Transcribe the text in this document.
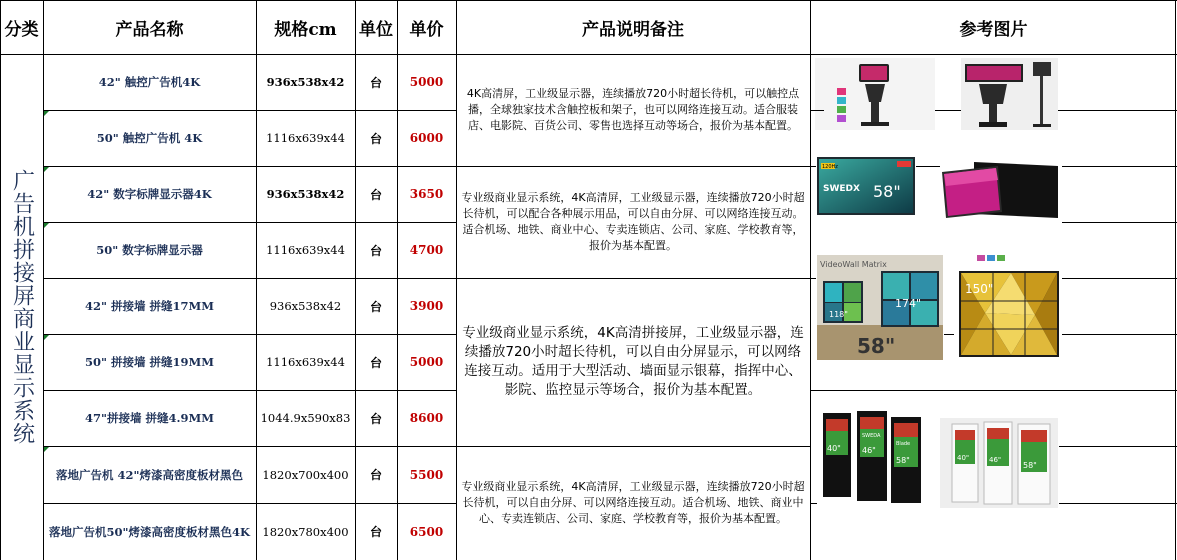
分类	产品名称	规格cm	单位 单价	产品说明备注	参考图片
广告机拼接屏商业显示系统
42" 触控广告机4K	936x538x42	台	5000
50" 触控广告机 4K	1116x639x44	台	6000
42" 数字标牌显示器4K	936x538x42	台	3650
50" 数字标牌显示器	1116x639x44	台	4700
42" 拼接墙 拼缝17MM	936x538x42	台	3900
50" 拼接墙 拼缝19MM	1116x639x44	台	5000
47"拼接墙 拼缝4.9MM	1044.9x590x83	台	8600
落地广告机 42"烤漆高密度板材黑色	1820x700x400	台	5500
落地广告机50"烤漆高密度板材黑色4K	1820x780x400	台	6500
4K高清屏，工业级显示器，连续播放720小时超长待机，可以触控点播，全球独家技术含触控板和架子，也可以网络连接互动。适合服装店、电影院、百货公司、零售也选择互动等场合，报价为基本配置。
专业级商业显示系统，4K高清屏，工业级显示器，连续播放720小时超长待机，可以配合各种展示用品，可以自由分屏、可以网络连接互动。适合机场、地铁、商业中心、专卖连锁店、公司、家庭、学校教育等，报价为基本配置。
专业级商业显示系统，4K高清拼接屏，工业级显示器，连续播放720小时超长待机，可以自由分屏显示，可以网络连接互动。适用于大型活动、墙面显示银幕，指挥中心、影院、监控显示等场合，报价为基本配置。
专业级商业显示系统，4K高清屏，工业级显示器，连续播放720小时超长待机，可以自由分屏、可以网络连接互动。适合机场、地铁、商业中心、专卖连锁店、公司、家庭、学校教育等，报价为基本配置。
120Hz
SWEDX 58"
VideoWall Matrix
118"
174"
58"
150"
40"
SWEDA
46"
Blade
58"	40"	46"
58"
